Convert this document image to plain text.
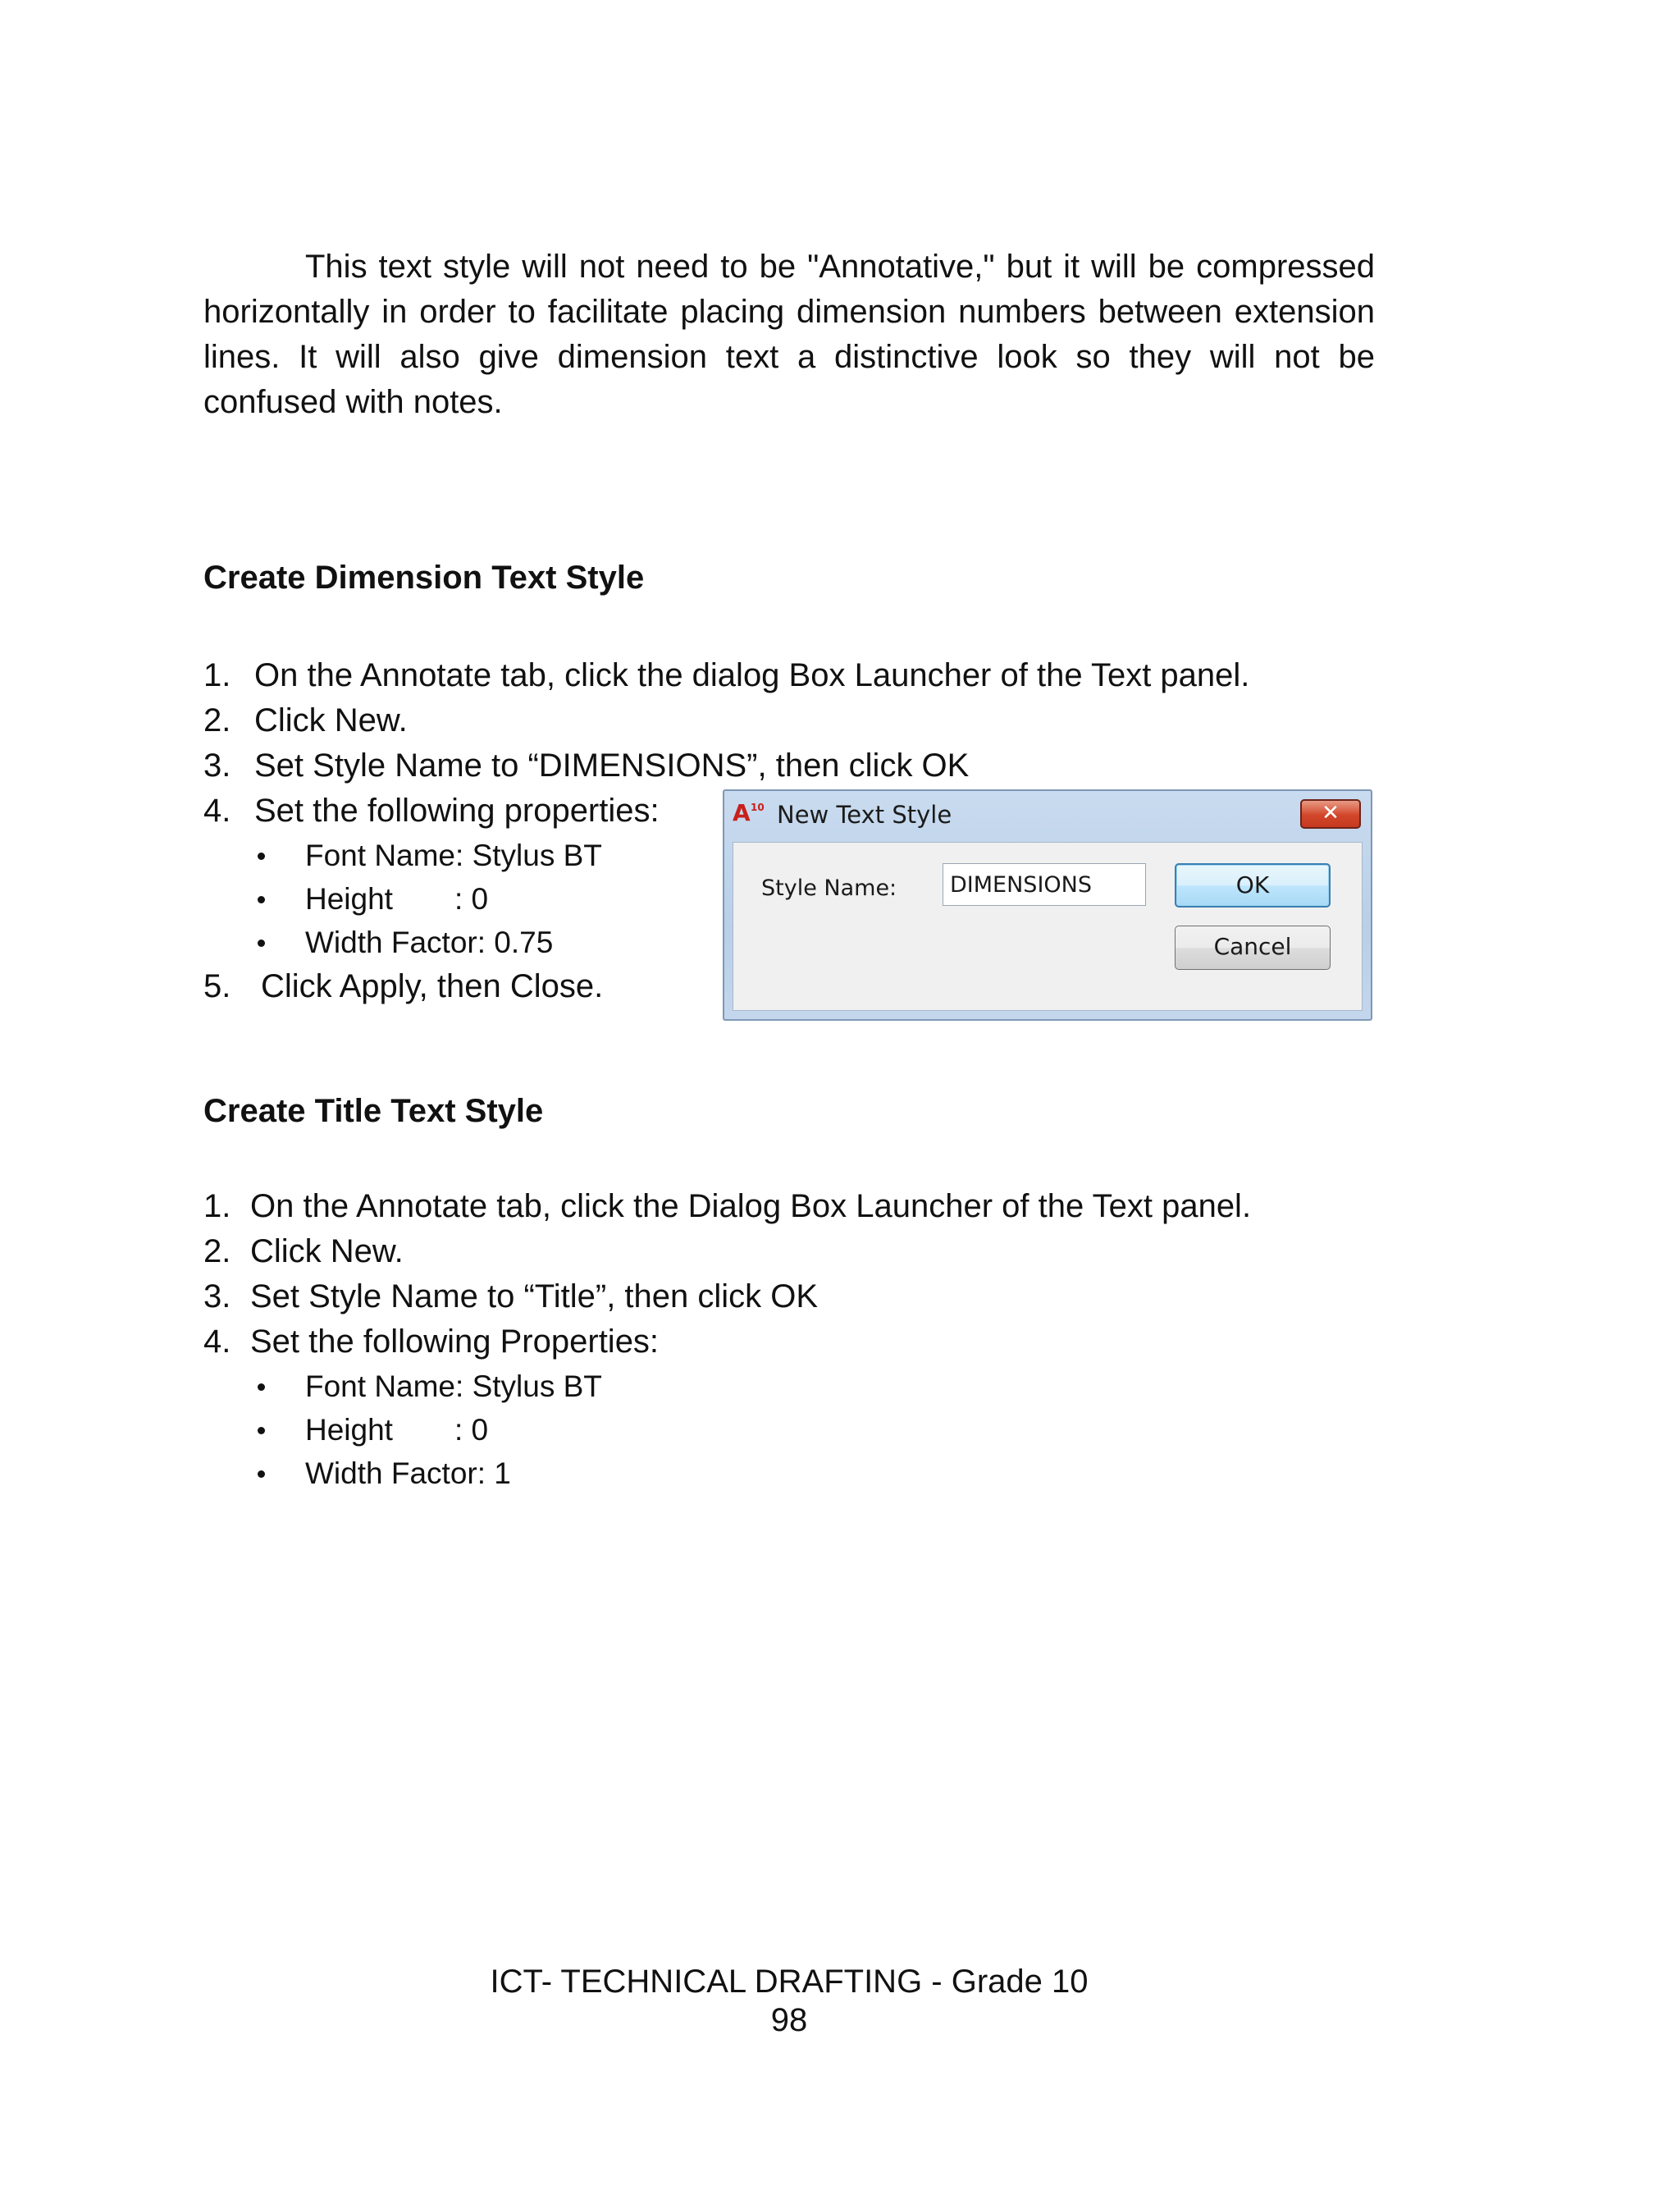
This text style will not need to be "Annotative," but it will be compressed horizontally in order to facilitate placing dimension numbers between extension lines. It will also give dimension text a distinctive look so they will not be confused with notes.

Create Dimension Text Style
1. On the Annotate tab, click the dialog Box Launcher of the Text panel.
2. Click New.
3. Set Style Name to “DIMENSIONS”, then click OK
4. Set the following properties:
Font Name: Stylus BT
Height : 0
Width Factor: 0.75
5. Click Apply, then Close.
A 10 New Text Style	✕
Style Name:
DIMENSIONS	OK
Cancel
Create Title Text Style
1. On the Annotate tab, click the Dialog Box Launcher of the Text panel.
2. Click New.
3. Set Style Name to “Title”, then click OK
4. Set the following Properties:
Font Name: Stylus BT
Height : 0
Width Factor: 1

ICT- TECHNICAL DRAFTING - Grade 10

98
